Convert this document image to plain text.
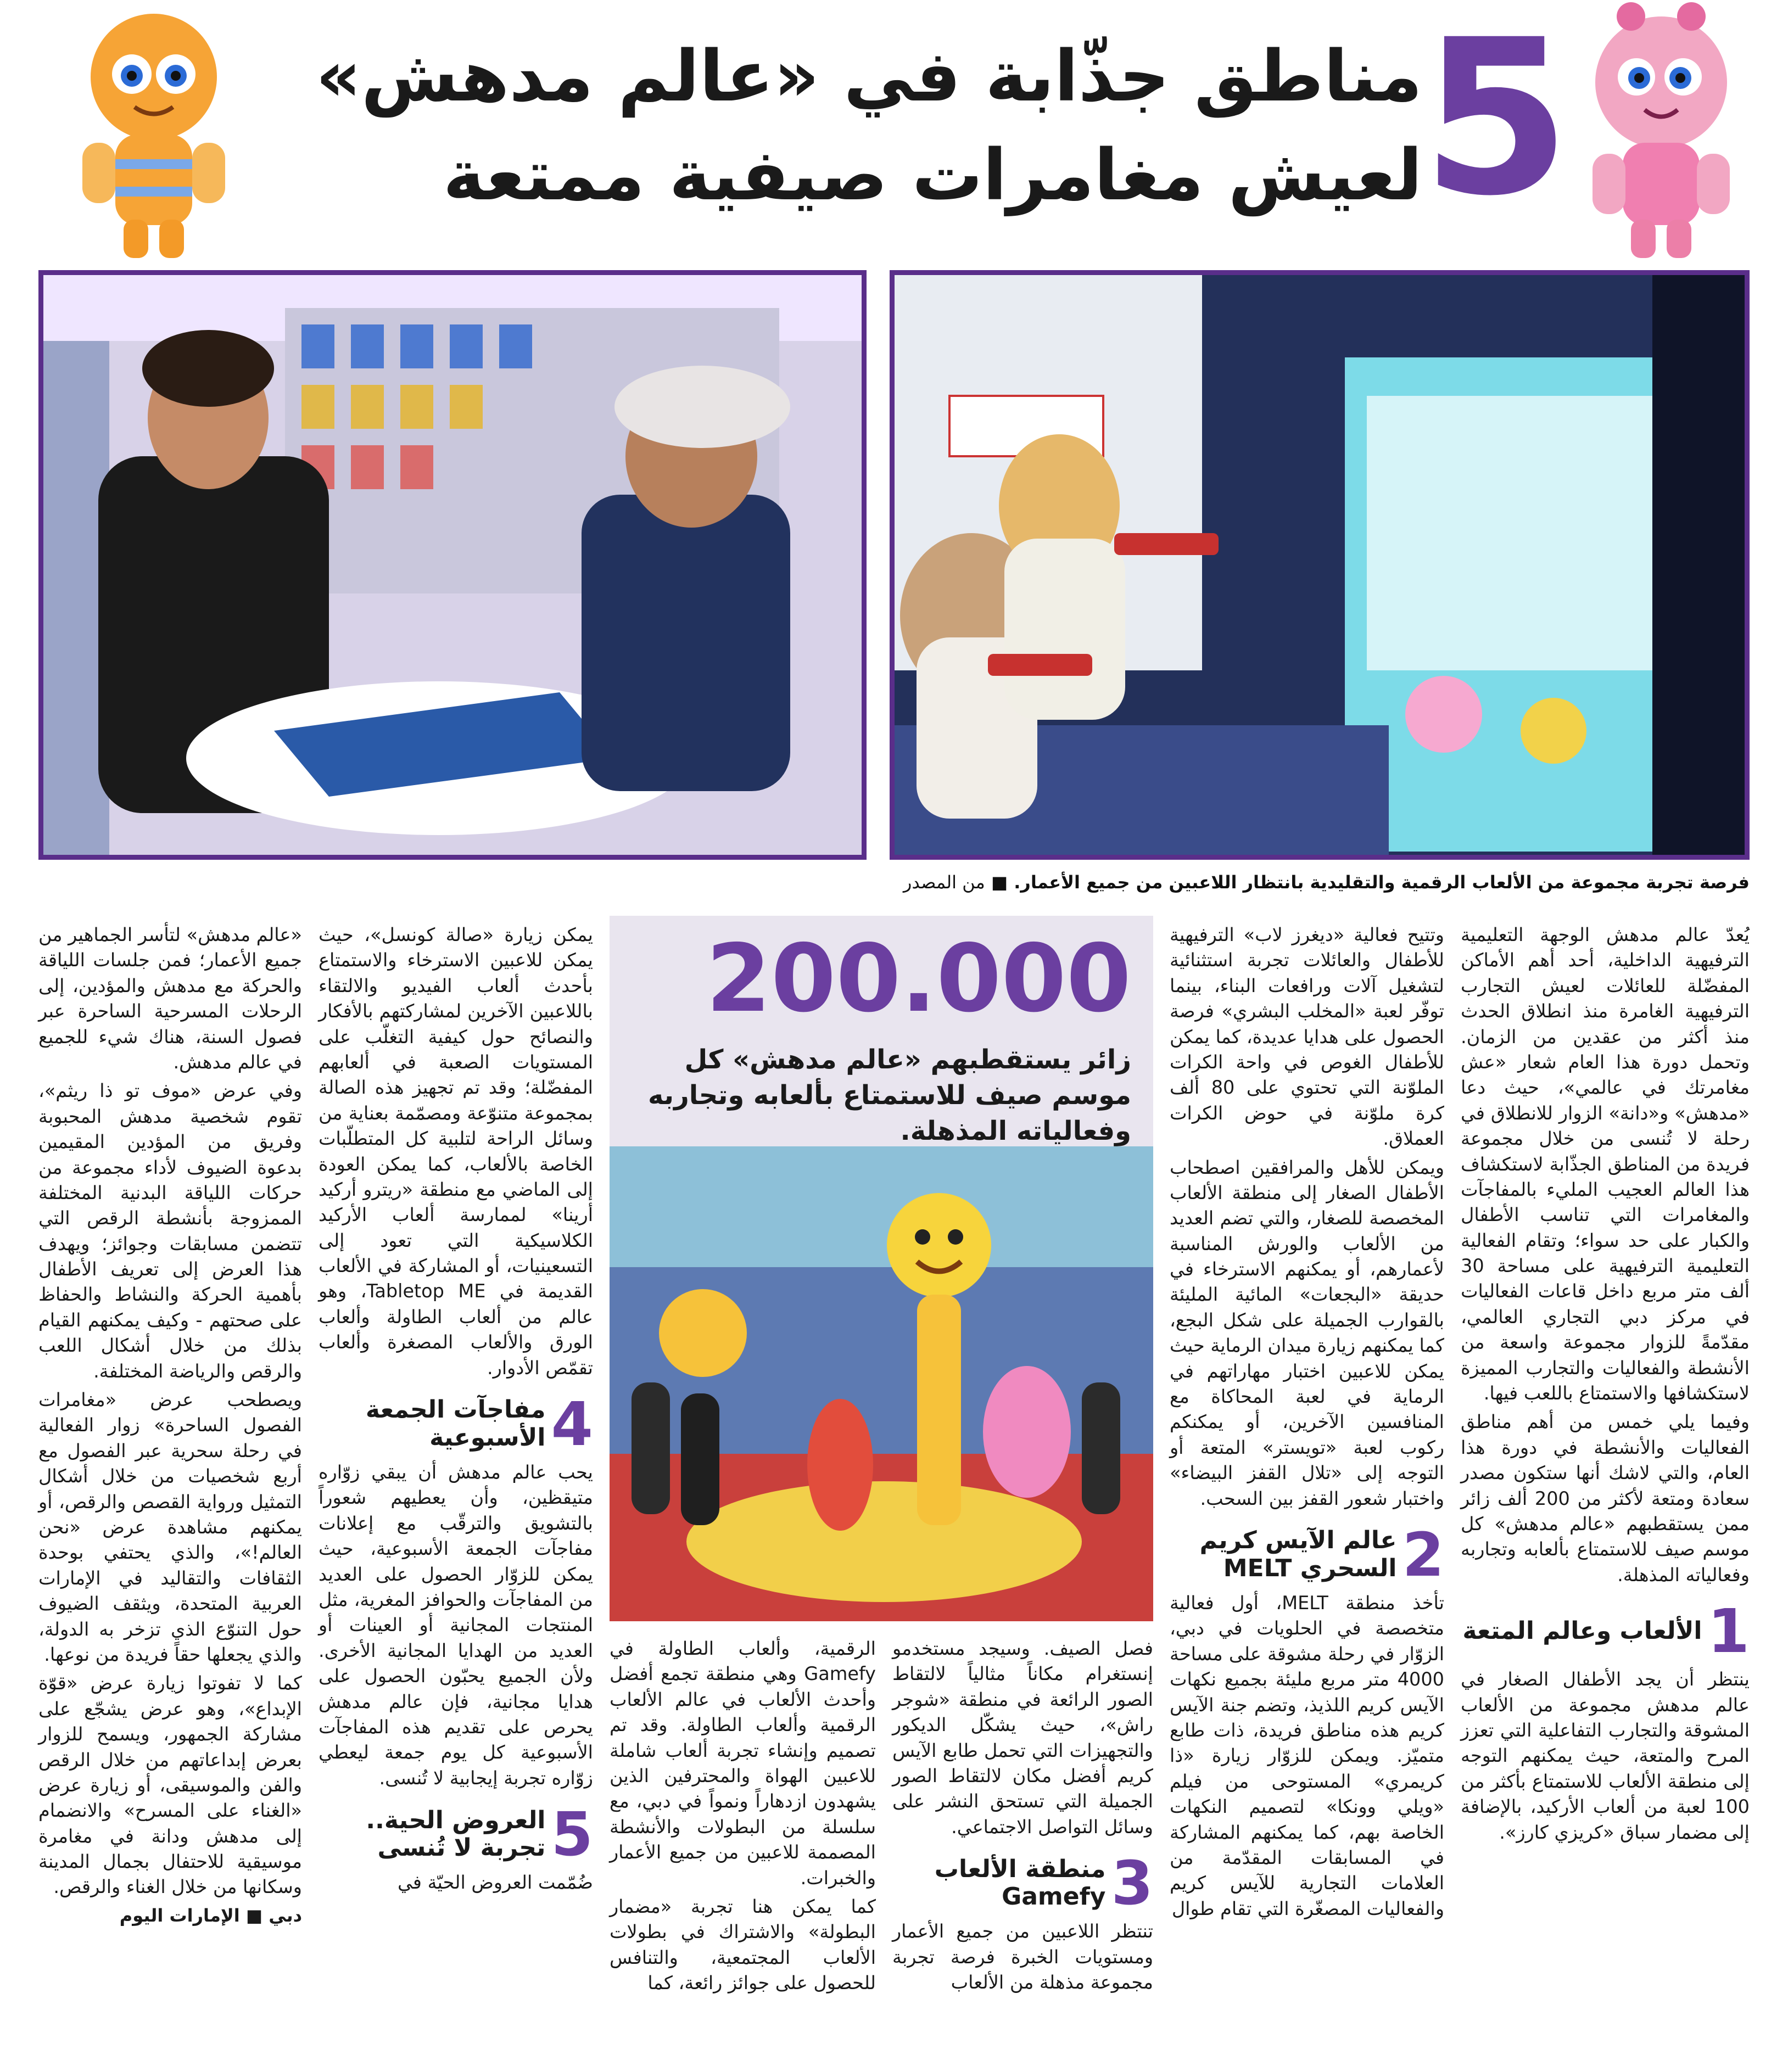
5
مناطق جذّابة في «عالم مدهش»
لعيش مغامرات صيفية ممتعة
فرصة تجربة مجموعة من الألعاب الرقمية والتقليدية بانتظار اللاعبين من جميع الأعمار. ■ من المصدر

يُعدّ عالم مدهش الوجهة التعليمية الترفيهية الداخلية، أحد أهم الأماكن المفضّلة للعائلات لعيش التجارب الترفيهية الغامرة منذ انطلاق الحدث منذ أكثر من عقدين من الزمان. وتحمل دورة هذا العام شعار «عش مغامرتك في عالمي»، حيث دعا «مدهش» و«دانة» الزوار للانطلاق في رحلة لا تُنسى من خلال مجموعة فريدة من المناطق الجذّابة لاستكشاف هذا العالم العجيب المليء بالمفاجآت والمغامرات التي تناسب الأطفال والكبار على حد سواء؛ وتقام الفعالية التعليمية الترفيهية على مساحة 30 ألف متر مربع داخل قاعات الفعاليات في مركز دبي التجاري العالمي، مقدّمةً للزوار مجموعة واسعة من الأنشطة والفعاليات والتجارب المميزة لاستكشافها والاستمتاع باللعب فيها.

وفيما يلي خمس من أهم مناطق الفعاليات والأنشطة في دورة هذا العام، والتي لاشك أنها ستكون مصدر سعادة ومتعة لأكثر من 200 ألف زائر ممن يستقطبهم «عالم مدهش» كل موسم صيف للاستمتاع بألعابه وتجاربه وفعالياته المذهلة.

1
الألعاب وعالم المتعة

ينتظر أن يجد الأطفال الصغار في عالم مدهش مجموعة من الألعاب المشوقة والتجارب التفاعلية التي تعزز المرح والمتعة، حيث يمكنهم التوجه إلى منطقة الألعاب للاستمتاع بأكثر من 100 لعبة من ألعاب الأركيد، بالإضافة إلى مضمار سباق «كريزي كارز».

وتتيح فعالية «ديغرز لاب» الترفيهية للأطفال والعائلات تجربة استثنائية لتشغيل آلات ورافعات البناء، بينما توفّر لعبة «المخلب البشري» فرصة الحصول على هدايا عديدة، كما يمكن للأطفال الغوص في واحة الكرات الملوّنة التي تحتوي على 80 ألف كرة ملوّنة في حوض الكرات العملاق.

ويمكن للأهل والمرافقين اصطحاب الأطفال الصغار إلى منطقة الألعاب المخصصة للصغار، والتي تضم العديد من الألعاب والورش المناسبة لأعمارهم، أو يمكنهم الاسترخاء في حديقة «البجعات» المائية المليئة بالقوارب الجميلة على شكل البجع، كما يمكنهم زيارة ميدان الرماية حيث يمكن للاعبين اختبار مهاراتهم في الرماية في لعبة المحاكاة مع المنافسين الآخرين، أو يمكنكم ركوب لعبة «تويستر» المتعة أو التوجه إلى «تلال القفز البيضاء» واختبار شعور القفز بين السحب.

2
عالم الآيس كريم السحري MELT

تأخذ منطقة MELT، أول فعالية متخصصة في الحلويات في دبي، الزوّار في رحلة مشوقة على مساحة 4000 متر مربع مليئة بجميع نكهات الآيس كريم اللذيذ، وتضم جنة الآيس كريم هذه مناطق فريدة، ذات طابع متميّز. ويمكن للزوّار زيارة «ذا كريمري» المستوحى من فيلم «ويلي وونكا» لتصميم النكهات الخاصة بهم، كما يمكنهم المشاركة في المسابقات المقدّمة من العلامات التجارية للآيس كريم والفعاليات المصغّرة التي تقام طوال

200.000
زائر يستقطبهم «عالم مدهش» كل موسم صيف للاستمتاع بألعابه وتجاربه وفعالياته المذهلة.

فصل الصيف. وسيجد مستخدمو إنستغرام مكاناً مثالياً لالتقاط الصور الرائعة في منطقة «شوجر راش»، حيث يشكّل الديكور والتجهيزات التي تحمل طابع الآيس كريم أفضل مكان لالتقاط الصور الجميلة التي تستحق النشر على وسائل التواصل الاجتماعي.

3
منطقة الألعاب Gamefy

تنتظر اللاعبين من جميع الأعمار ومستويات الخبرة فرصة تجربة مجموعة مذهلة من الألعاب

الرقمية، وألعاب الطاولة في Gamefy وهي منطقة تجمع أفضل وأحدث الألعاب في عالم الألعاب الرقمية وألعاب الطاولة. وقد تم تصميم وإنشاء تجربة ألعاب شاملة للاعبين الهواة والمحترفين الذين يشهدون ازدهاراً ونمواً في دبي، مع سلسلة من البطولات والأنشطة المصممة للاعبين من جميع الأعمار والخبرات.

كما يمكن هنا تجربة «مضمار البطولة» والاشتراك في بطولات الألعاب المجتمعية، والتنافس للحصول على جوائز رائعة، كما

يمكن زيارة «صالة كونسل»، حيث يمكن للاعبين الاسترخاء والاستمتاع بأحدث ألعاب الفيديو والالتقاء باللاعبين الآخرين لمشاركتهم بالأفكار والنصائح حول كيفية التغلّب على المستويات الصعبة في ألعابهم المفضّلة؛ وقد تم تجهيز هذه الصالة بمجموعة متنوّعة ومصمّمة بعناية من وسائل الراحة لتلبية كل المتطلّبات الخاصة بالألعاب، كما يمكن العودة إلى الماضي مع منطقة «ريترو أركيد أرينا» لممارسة ألعاب الأركيد الكلاسيكية التي تعود إلى التسعينيات، أو المشاركة في الألعاب القديمة في Tabletop ME، وهو عالم من ألعاب الطاولة وألعاب الورق والألعاب المصغرة وألعاب تقمّص الأدوار.

4
مفاجآت الجمعة الأسبوعية

يحب عالم مدهش أن يبقي زوّاره متيقظين، وأن يعطيهم شعوراً بالتشويق والترقّب مع إعلانات مفاجآت الجمعة الأسبوعية، حيث يمكن للزوّار الحصول على العديد من المفاجآت والحوافز المغرية، مثل المنتجات المجانية أو العينات أو العديد من الهدايا المجانية الأخرى. ولأن الجميع يحبّون الحصول على هدايا مجانية، فإن عالم مدهش يحرص على تقديم هذه المفاجآت الأسبوعية كل يوم جمعة ليعطي زوّاره تجربة إيجابية لا تُنسى.

5
العروض الحية.. تجربة لا تُنسى

ضُمّمت العروض الحيّة في

«عالم مدهش» لتأسر الجماهير من جميع الأعمار؛ فمن جلسات اللياقة والحركة مع مدهش والمؤدين، إلى الرحلات المسرحية الساحرة عبر فصول السنة، هناك شيء للجميع في عالم مدهش.

وفي عرض «موف تو ذا ريثم»، تقوم شخصية مدهش المحبوبة وفريق من المؤدين المقيمين بدعوة الضيوف لأداء مجموعة من حركات اللياقة البدنية المختلفة الممزوجة بأنشطة الرقص التي تتضمن مسابقات وجوائز؛ ويهدف هذا العرض إلى تعريف الأطفال بأهمية الحركة والنشاط والحفاظ على صحتهم - وكيف يمكنهم القيام بذلك من خلال أشكال اللعب والرقص والرياضة المختلفة.

ويصطحب عرض «مغامرات الفصول الساحرة» زوار الفعالية في رحلة سحرية عبر الفصول مع أربع شخصيات من خلال أشكال التمثيل ورواية القصص والرقص، أو يمكنهم مشاهدة عرض «نحن العالم!»، والذي يحتفي بوحدة الثقافات والتقاليد في الإمارات العربية المتحدة، ويثقف الضيوف حول التنوّع الذي تزخر به الدولة، والذي يجعلها حقاً فريدة من نوعها.

كما لا تفوتوا زيارة عرض «قوّة الإبداع»، وهو عرض يشجّع على مشاركة الجمهور، ويسمح للزوار بعرض إبداعاتهم من خلال الرقص والفن والموسيقى، أو زيارة عرض «الغناء على المسرح» والانضمام إلى مدهش ودانة في مغامرة موسيقية للاحتفال بجمال المدينة وسكانها من خلال الغناء والرقص.

دبي ■ الإمارات اليوم
